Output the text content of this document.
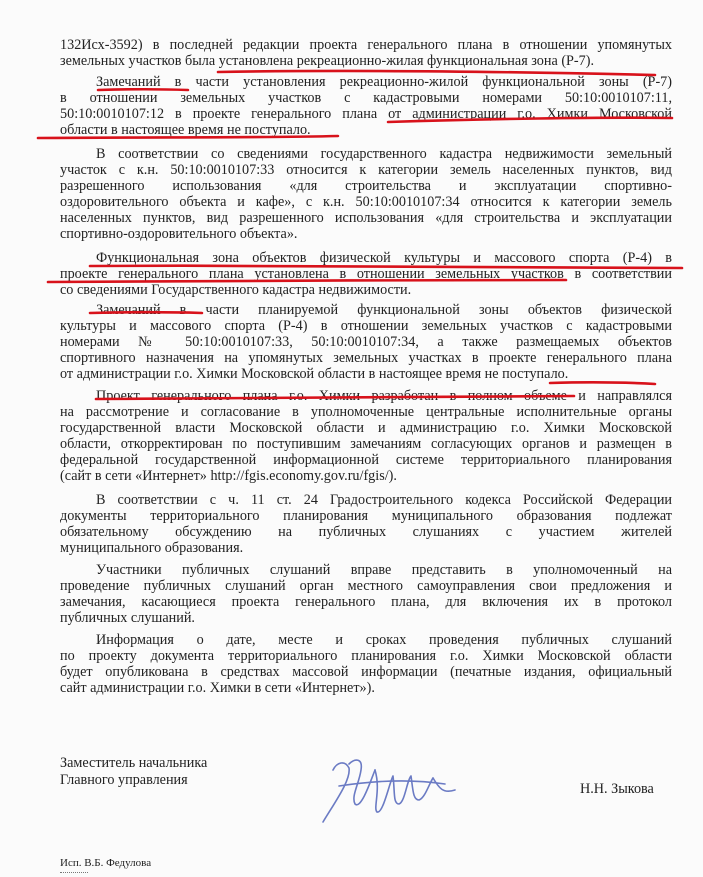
132Исх-3592) в последней редакции проекта генерального плана в отношении упомянутых
земельных участков была установлена рекреационно-жилая функциональная зона (Р-7).
Замечаний в части установления рекреационно-жилой функциональной зоны (Р-7)
в отношении земельных участков с кадастровыми номерами 50:10:0010107:11,
50:10:0010107:12 в проекте генерального плана от администрации г.о. Химки Московской
области в настоящее время не поступало.
В соответствии со сведениями государственного кадастра недвижимости земельный
участок с к.н. 50:10:0010107:33 относится к категории земель населенных пунктов, вид
разрешенного использования «для строительства и эксплуатации спортивно-
оздоровительного объекта и кафе», с к.н. 50:10:0010107:34 относится к категории земель
населенных пунктов, вид разрешенного использования «для строительства и эксплуатации
спортивно-оздоровительного объекта».
Функциональная зона объектов физической культуры и массового спорта (Р-4) в
проекте генерального плана установлена в отношении земельных участков в соответствии
со сведениями Государственного кадастра недвижимости.
Замечаний в части планируемой функциональной зоны объектов физической
культуры и массового спорта (Р-4) в отношении земельных участков с кадастровыми
номерами № 50:10:0010107:33, 50:10:0010107:34, а также размещаемых объектов
спортивного назначения на упомянутых земельных участках в проекте генерального плана
от администрации г.о. Химки Московской области в настоящее время не поступало.
Проект генерального плана г.о. Химки разработан в полном объеме и направлялся
на рассмотрение и согласование в уполномоченные центральные исполнительные органы
государственной власти Московской области и администрацию г.о. Химки Московской
области, откорректирован по поступившим замечаниям согласующих органов и размещен в
федеральной государственной информационной системе территориального планирования
(сайт в сети «Интернет» http://fgis.economy.gov.ru/fgis/).
В соответствии с ч. 11 ст. 24 Градостроительного кодекса Российской Федерации
документы территориального планирования муниципального образования подлежат
обязательному обсуждению на публичных слушаниях с участием жителей
муниципального образования.
Участники публичных слушаний вправе представить в уполномоченный на
проведение публичных слушаний орган местного самоуправления свои предложения и
замечания, касающиеся проекта генерального плана, для включения их в протокол
публичных слушаний.
Информация о дате, месте и сроках проведения публичных слушаний
по проекту документа территориального планирования г.о. Химки Московской области
будет опубликована в средствах массовой информации (печатные издания, официальный
сайт администрации г.о. Химки в сети «Интернет»).
Заместитель начальника
Главного управления
Н.Н. Зыкова
Исп. В.Б. Федулова
